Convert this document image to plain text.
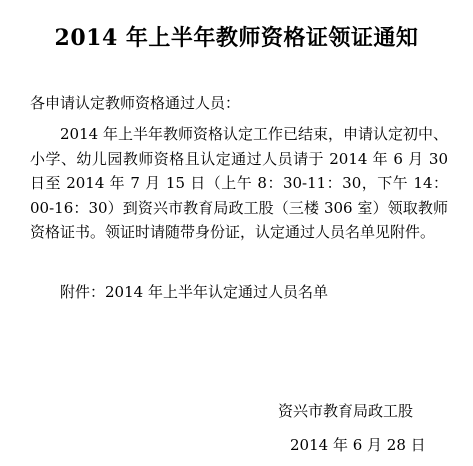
2014 年上半年教师资格证领证通知
各申请认定教师资格通过人员：
2014 年上半年教师资格认定工作已结束，申请认定初中、小学、幼儿园教师资格且认定通过人员请于 2014 年 6 月 30 日至 2014 年 7 月 15 日（上午 8：30-11：30，下午 14：00-16：30）到资兴市教育局政工股（三楼 306 室）领取教师资格证书。领证时请随带身份证，认定通过人员名单见附件。
附件：2014 年上半年认定通过人员名单
资兴市教育局政工股
2014 年 6 月 28 日
